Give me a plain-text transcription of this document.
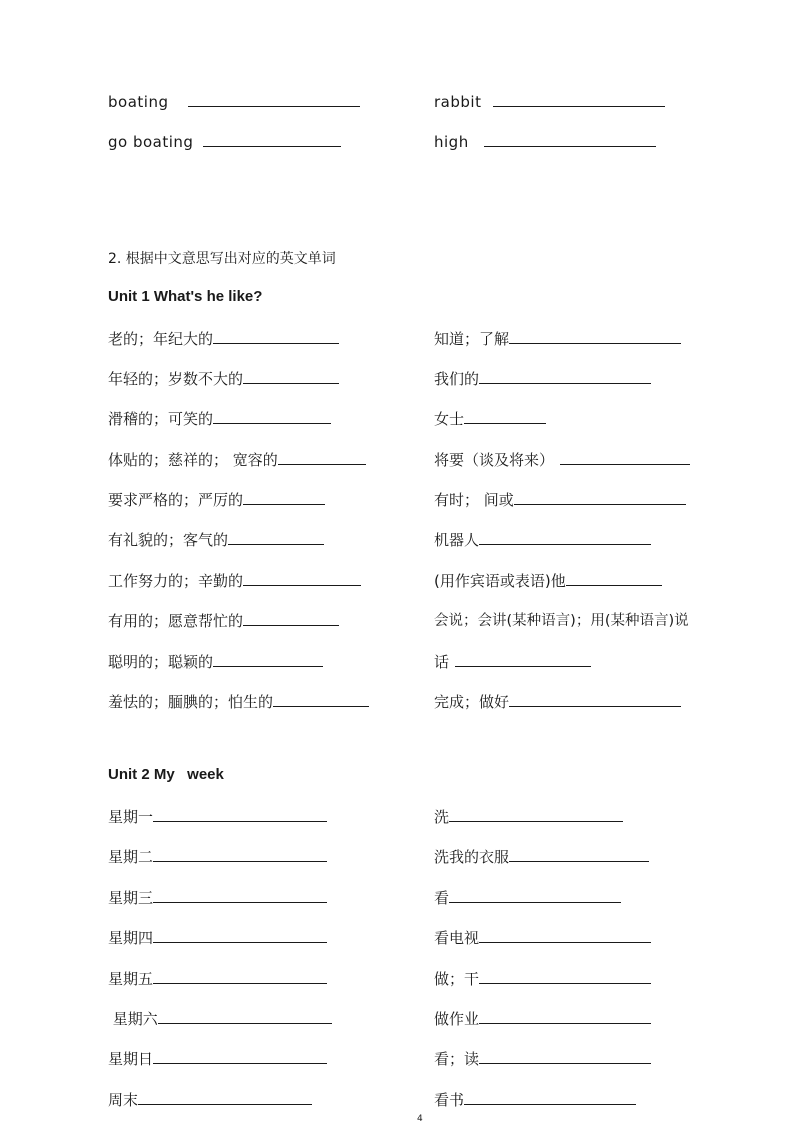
boating
go boating
rabbit
high
2. 根据中文意思写出对应的英文单词
Unit 1 What's he like?
老的；年纪大的
年轻的；岁数不大的
滑稽的；可笑的
体贴的；慈祥的； 宽容的
要求严格的；严厉的
有礼貌的；客气的
工作努力的；辛勤的
有用的；愿意帮忙的
聪明的；聪颖的
羞怯的；腼腆的；怕生的
知道；了解
我们的
女士
将要（谈及将来）
有时； 间或
机器人
(用作宾语或表语)他
会说；会讲(某种语言)；用(某种语言)说
话
完成；做好
Unit 2 My   week
星期一
星期二
星期三
星期四
星期五
星期六
星期日
周末
洗
洗我的衣服
看
看电视
做；干
做作业
看；读
看书
4
